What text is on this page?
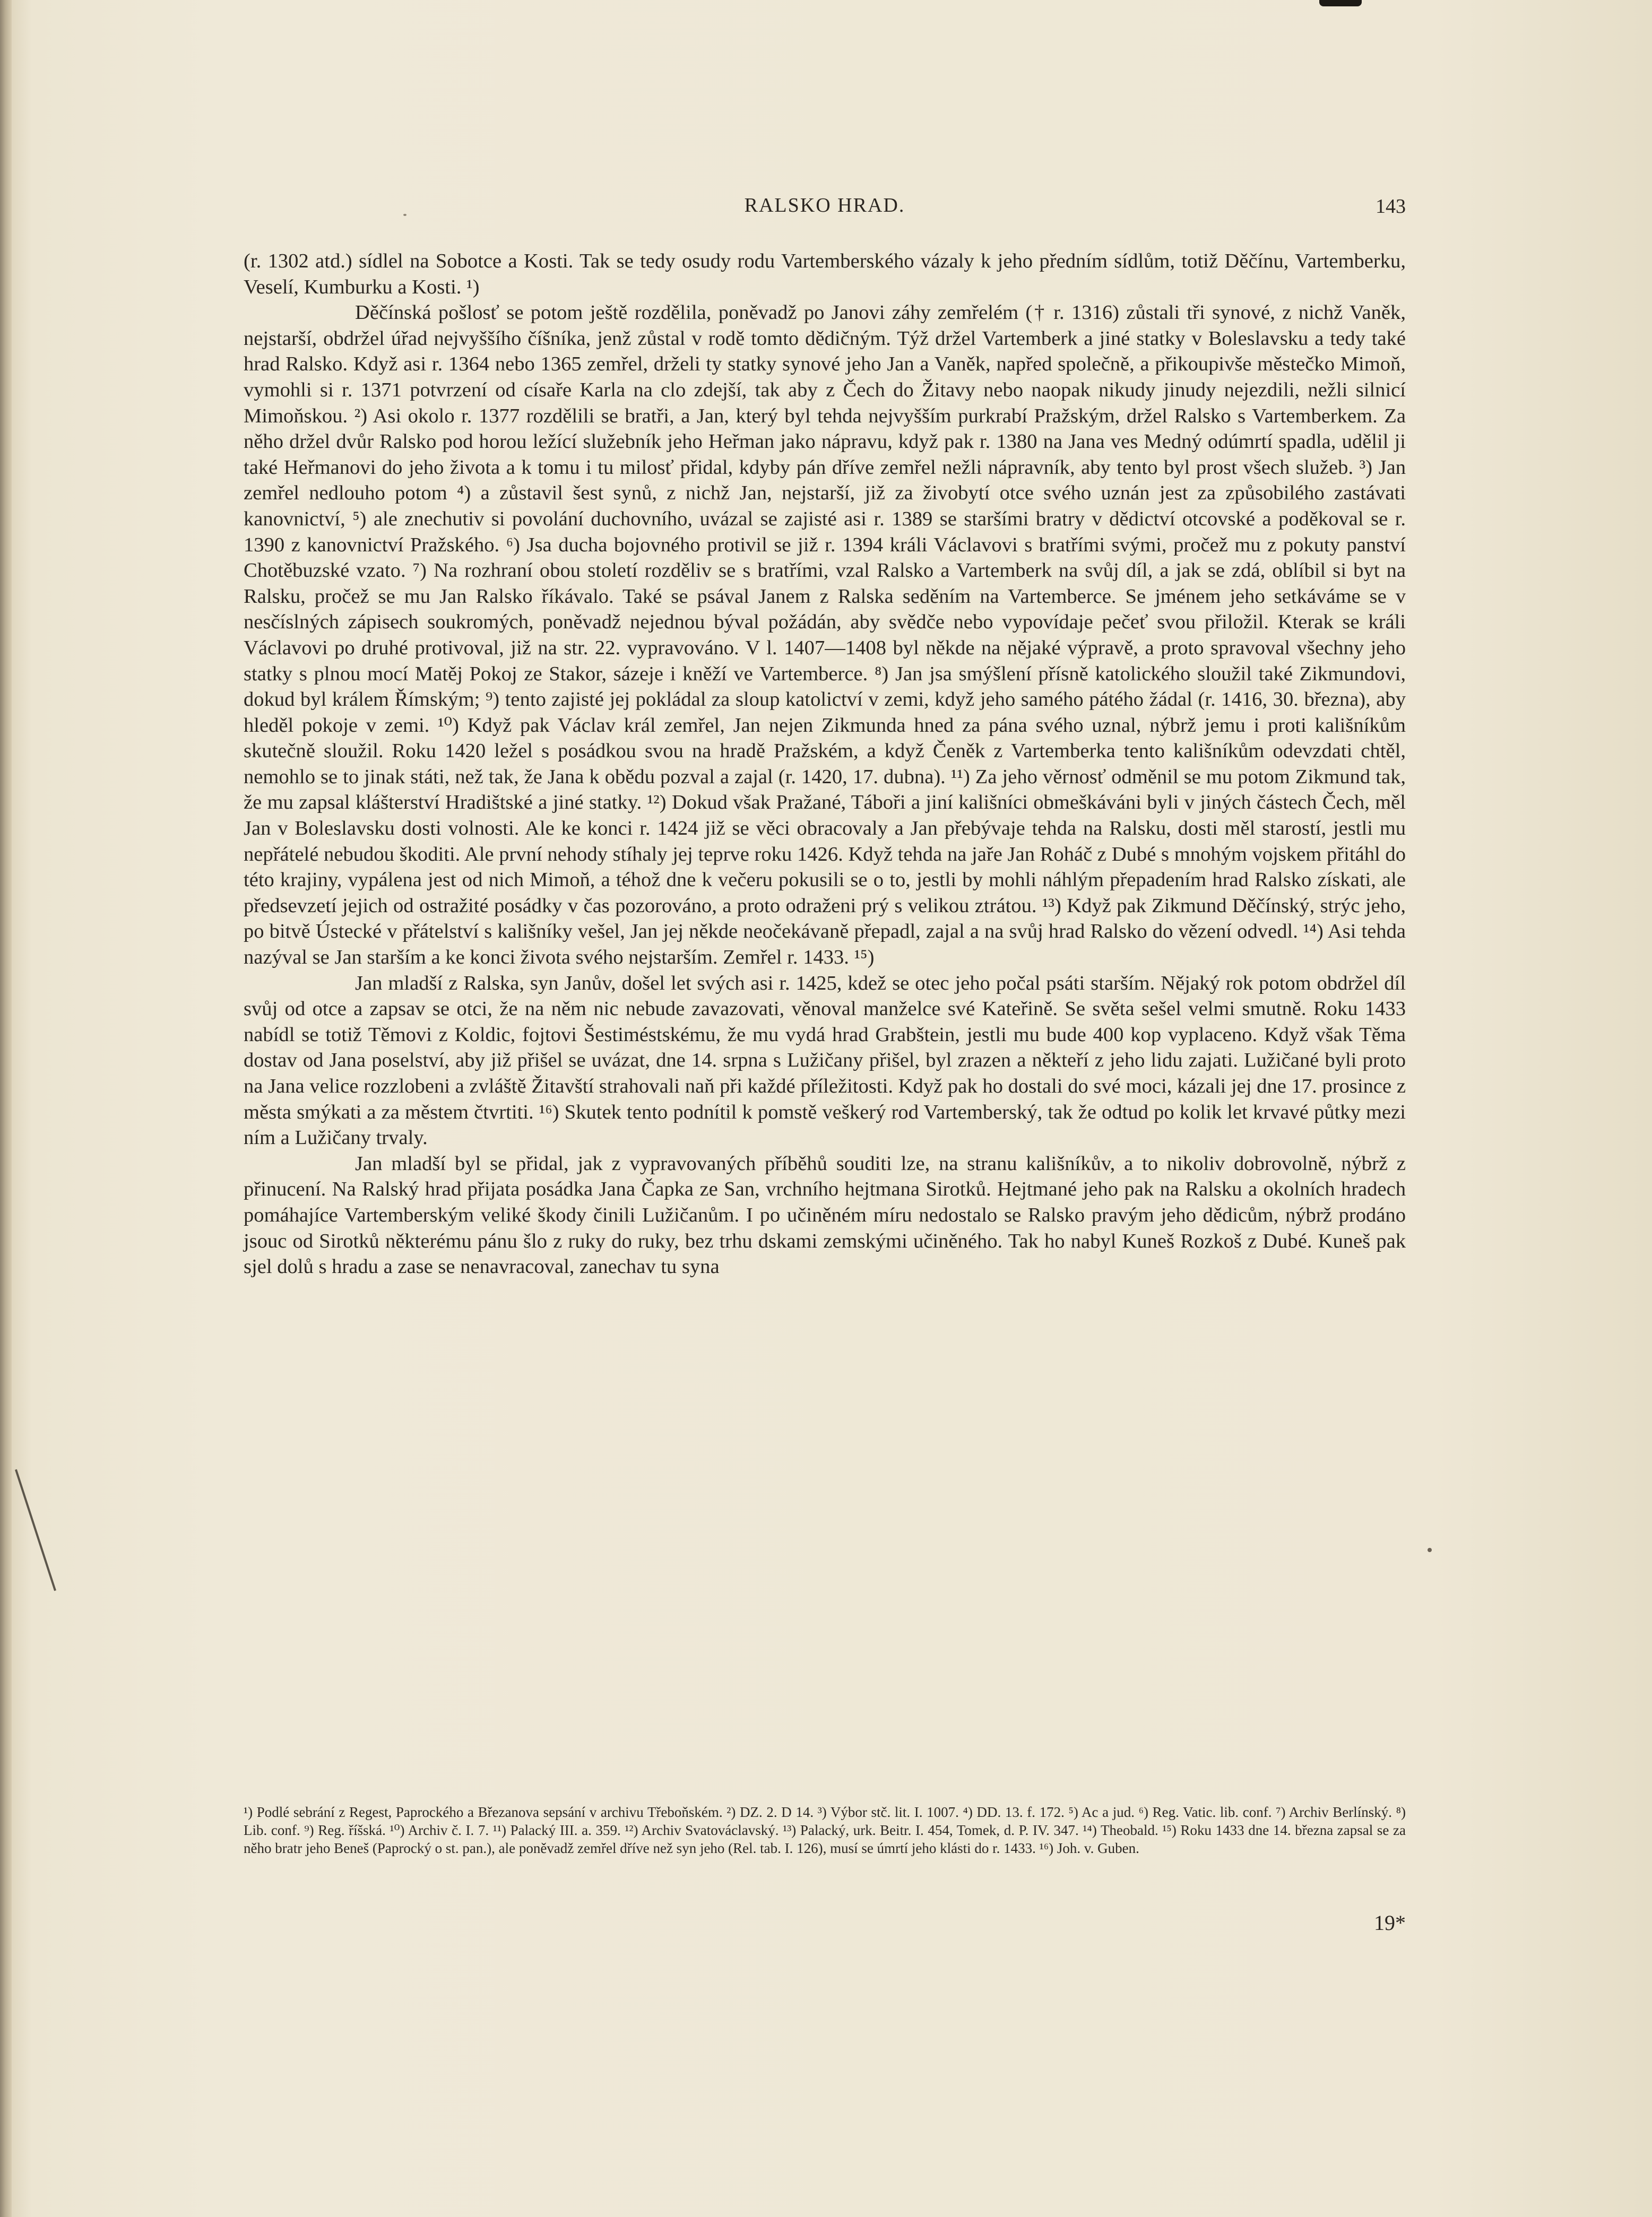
RALSKO HRAD.	143

(r. 1302 atd.) sídlel na Sobotce a Kosti. Tak se tedy osudy rodu Vartemberského vázaly k jeho předním sídlům, totiž Děčínu, Vartemberku, Veselí, Kumburku a Kosti. ¹)

Děčínská pošlosť se potom ještě rozdělila, poněvadž po Janovi záhy zemřelém († r. 1316) zůstali tři synové, z nichž Vaněk, nejstarší, obdržel úřad nejvyššího číšníka, jenž zůstal v rodě tomto dědičným. Týž držel Vartemberk a jiné statky v Boleslavsku a tedy také hrad Ralsko. Když asi r. 1364 nebo 1365 zemřel, drželi ty statky synové jeho Jan a Vaněk, napřed společně, a přikoupivše městečko Mimoň, vymohli si r. 1371 potvrzení od císaře Karla na clo zdejší, tak aby z Čech do Žitavy nebo naopak nikudy jinudy nejezdili, nežli silnicí Mimoňskou. ²) Asi okolo r. 1377 rozdělili se bratři, a Jan, který byl tehda nejvyšším purkrabí Pražským, držel Ralsko s Vartemberkem. Za něho držel dvůr Ralsko pod horou ležící služebník jeho Heřman jako nápravu, když pak r. 1380 na Jana ves Medný odúmrtí spadla, udělil ji také Heřmanovi do jeho života a k tomu i tu milosť přidal, kdyby pán dříve zemřel nežli nápravník, aby tento byl prost všech služeb. ³) Jan zemřel nedlouho potom ⁴) a zůstavil šest synů, z nichž Jan, nejstarší, již za živobytí otce svého uznán jest za způsobilého zastávati kanovnictví, ⁵) ale znechutiv si povolání duchovního, uvázal se zajisté asi r. 1389 se staršími bratry v dědictví otcovské a poděkoval se r. 1390 z kanovnictví Pražského. ⁶) Jsa ducha bojovného protivil se již r. 1394 králi Václavovi s bratřími svými, pročež mu z pokuty panství Chotěbuzské vzato. ⁷) Na rozhraní obou století rozděliv se s bratřími, vzal Ralsko a Vartemberk na svůj díl, a jak se zdá, oblíbil si byt na Ralsku, pročež se mu Jan Ralsko říkávalo. Také se psával Janem z Ralska seděním na Vartemberce. Se jménem jeho setkáváme se v nesčíslných zápisech soukromých, poněvadž nejednou býval požádán, aby svědče nebo vypovídaje pečeť svou přiložil. Kterak se králi Václavovi po druhé protivoval, již na str. 22. vypravováno. V l. 1407—1408 byl někde na nějaké výpravě, a proto spravoval všechny jeho statky s plnou mocí Matěj Pokoj ze Stakor, sázeje i kněží ve Vartemberce. ⁸) Jan jsa smýšlení přísně katolického sloužil také Zikmundovi, dokud byl králem Římským; ⁹) tento zajisté jej pokládal za sloup katolictví v zemi, když jeho samého pátého žádal (r. 1416, 30. března), aby hleděl pokoje v zemi. ¹⁰) Když pak Václav král zemřel, Jan nejen Zikmunda hned za pána svého uznal, nýbrž jemu i proti kališníkům skutečně sloužil. Roku 1420 ležel s posádkou svou na hradě Pražském, a když Čeněk z Vartemberka tento kališníkům odevzdati chtěl, nemohlo se to jinak státi, než tak, že Jana k obědu pozval a zajal (r. 1420, 17. dubna). ¹¹) Za jeho věrnosť odměnil se mu potom Zikmund tak, že mu zapsal klášterství Hradištské a jiné statky. ¹²) Dokud však Pražané, Táboři a jiní kališníci obmeškáváni byli v jiných částech Čech, měl Jan v Boleslavsku dosti volnosti. Ale ke konci r. 1424 již se věci obracovaly a Jan přebývaje tehda na Ralsku, dosti měl starostí, jestli mu nepřátelé nebudou škoditi. Ale první nehody stíhaly jej teprve roku 1426. Když tehda na jaře Jan Roháč z Dubé s mnohým vojskem přitáhl do této krajiny, vypálena jest od nich Mimoň, a téhož dne k večeru pokusili se o to, jestli by mohli náhlým přepadením hrad Ralsko získati, ale předsevzetí jejich od ostražité posádky v čas pozorováno, a proto odraženi prý s velikou ztrátou. ¹³) Když pak Zikmund Děčínský, strýc jeho, po bitvě Ústecké v přátelství s kališníky vešel, Jan jej někde neočekávaně přepadl, zajal a na svůj hrad Ralsko do vězení odvedl. ¹⁴) Asi tehda nazýval se Jan starším a ke konci života svého nejstarším. Zemřel r. 1433. ¹⁵)

Jan mladší z Ralska, syn Janův, došel let svých asi r. 1425, kdež se otec jeho počal psáti starším. Nějaký rok potom obdržel díl svůj od otce a zapsav se otci, že na něm nic nebude zavazovati, věnoval manželce své Kateřině. Se světa sešel velmi smutně. Roku 1433 nabídl se totiž Těmovi z Koldic, fojtovi Šestiméstskému, že mu vydá hrad Grabštein, jestli mu bude 400 kop vyplaceno. Když však Těma dostav od Jana poselství, aby již přišel se uvázat, dne 14. srpna s Lužičany přišel, byl zrazen a někteří z jeho lidu zajati. Lužičané byli proto na Jana velice rozzlobeni a zvláště Žitavští strahovali naň při každé příležitosti. Když pak ho dostali do své moci, kázali jej dne 17. prosince z města smýkati a za městem čtvrtiti. ¹⁶) Skutek tento podnítil k pomstě veškerý rod Vartemberský, tak že odtud po kolik let krvavé půtky mezi ním a Lužičany trvaly.

Jan mladší byl se přidal, jak z vypravovaných příběhů souditi lze, na stranu kališníkův, a to nikoliv dobrovolně, nýbrž z přinucení. Na Ralský hrad přijata posádka Jana Čapka ze San, vrchního hejtmana Sirotků. Hejtmané jeho pak na Ralsku a okolních hradech pomáhajíce Vartemberským veliké škody činili Lužičanům. I po učiněném míru nedostalo se Ralsko pravým jeho dědicům, nýbrž prodáno jsouc od Sirotků některému pánu šlo z ruky do ruky, bez trhu dskami zemskými učiněného. Tak ho nabyl Kuneš Rozkoš z Dubé. Kuneš pak sjel dolů s hradu a zase se nenavracoval, zanechav tu syna

¹) Podlé sebrání z Regest, Paprockého a Březanova sepsání v archivu Třeboňském. ²) DZ. 2. D 14. ³) Výbor stč. lit. I. 1007. ⁴) DD. 13. f. 172. ⁵) Ac a jud. ⁶) Reg. Vatic. lib. conf. ⁷) Archiv Berlínský. ⁸) Lib. conf. ⁹) Reg. říšská. ¹⁰) Archiv č. I. 7. ¹¹) Palacký III. a. 359. ¹²) Archiv Svatováclavský. ¹³) Palacký, urk. Beitr. I. 454, Tomek, d. P. IV. 347. ¹⁴) Theobald. ¹⁵) Roku 1433 dne 14. března zapsal se za něho bratr jeho Beneš (Paprocký o st. pan.), ale poněvadž zemřel dříve než syn jeho (Rel. tab. I. 126), musí se úmrtí jeho klásti do r. 1433. ¹⁶) Joh. v. Guben.

19*
